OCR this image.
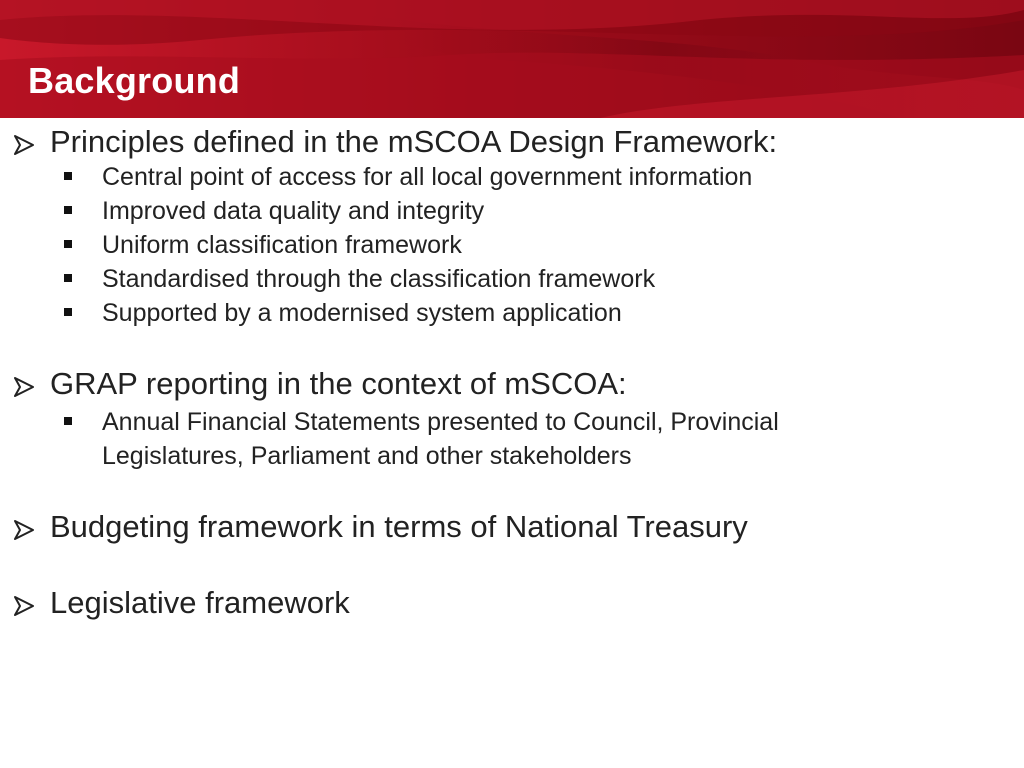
Background
Principles defined in the mSCOA Design Framework:
Central point of access for all local government information
Improved data quality and integrity
Uniform classification framework
Standardised through the classification framework
Supported by a modernised system application
GRAP reporting in the context of mSCOA:
Annual Financial Statements presented to Council, Provincial Legislatures, Parliament and other stakeholders
Budgeting framework in terms of National Treasury
Legislative framework
